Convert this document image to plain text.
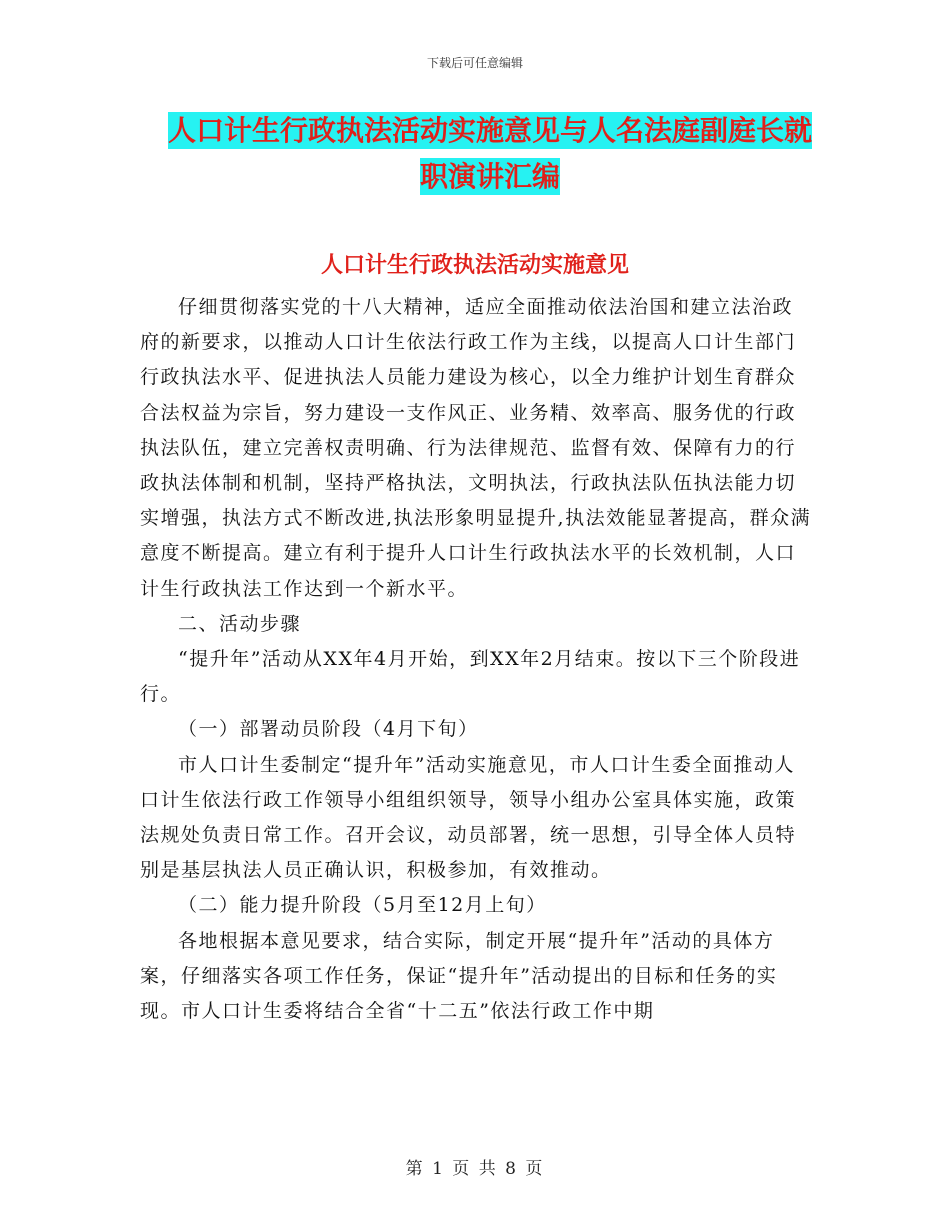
下载后可任意编辑
人口计生行政执法活动实施意见与人名法庭副庭长就
职演讲汇编
人口计生行政执法活动实施意见

仔细贯彻落实党的十八大精神，适应全面推动依法治国和建立法治政府的新要求，以推动人口计生依法行政工作为主线，以提高人口计生部门行政执法水平、促进执法人员能力建设为核心，以全力维护计划生育群众合法权益为宗旨，努力建设一支作风正、业务精、效率高、服务优的行政执法队伍，建立完善权责明确、行为法律规范、监督有效、保障有力的行政执法体制和机制，坚持严格执法，文明执法，行政执法队伍执法能力切实增强，执法方式不断改进,执法形象明显提升,执法效能显著提高，群众满意度不断提高。建立有利于提升人口计生行政执法水平的长效机制，人口计生行政执法工作达到一个新水平。

二、活动步骤

“提升年”活动从XX年4月开始，到XX年2月结束。按以下三个阶段进行。

（一）部署动员阶段（4月下旬）

市人口计生委制定“提升年”活动实施意见，市人口计生委全面推动人口计生依法行政工作领导小组组织领导，领导小组办公室具体实施，政策法规处负责日常工作。召开会议，动员部署，统一思想，引导全体人员特别是基层执法人员正确认识，积极参加，有效推动。

（二）能力提升阶段（5月至12月上旬）

各地根据本意见要求，结合实际，制定开展“提升年”活动的具体方案，仔细落实各项工作任务，保证“提升年”活动提出的目标和任务的实现。市人口计生委将结合全省“十二五”依法行政工作中期

第 1 页 共 8 页
